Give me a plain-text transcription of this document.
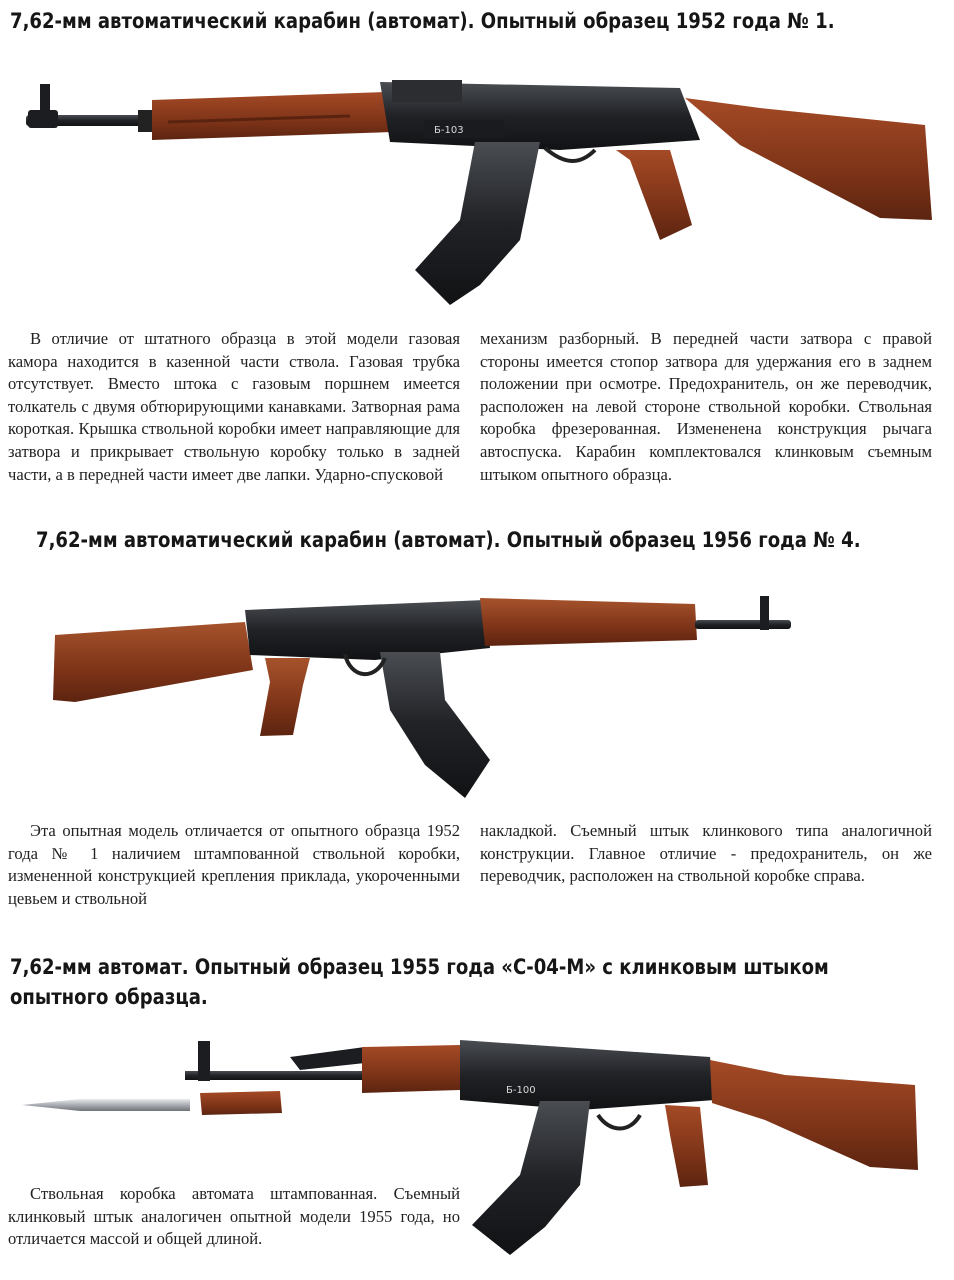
7,62-мм автоматический карабин (автомат). Опытный образец 1952 года № 1.
Б-103

В отличие от штатного образца в этой модели газовая камора находится в казенной части ствола. Газовая трубка отсутствует. Вместо штока с газовым поршнем имеется толкатель с двумя обтюрирующими канавками. Затворная рама короткая. Крышка ствольной коробки имеет направляющие для затвора и прикрывает ствольную коробку только в задней части, а в передней части имеет две лапки. Ударно-спусковой

механизм разборный. В передней части затвора с правой стороны имеется стопор затвора для удержания его в заднем положении при осмотре. Предохранитель, он же переводчик, расположен на левой стороне ствольной коробки. Ствольная коробка фрезерованная. Измененена конструкция рычага автоспуска. Карабин комплектовался клинковым съемным штыком опытного образца.

7,62-мм автоматический карабин (автомат). Опытный образец 1956 года № 4.

Эта опытная модель отличается от опытного образца 1952 года № 1 наличием штампованной ствольной коробки, измененной конструкцией крепления приклада, укороченными цевьем и ствольной

накладкой. Съемный штык клинкового типа аналогичной конструкции. Главное отличие - предохранитель, он же переводчик, расположен на ствольной коробке справа.

7,62-мм автомат. Опытный образец 1955 года «С-04-М» с клинковым штыком
опытного образца.
Б-100

Ствольная коробка автомата штампованная. Съемный клинковый штык аналогичен опытной модели 1955 года, но отличается массой и общей длиной.
